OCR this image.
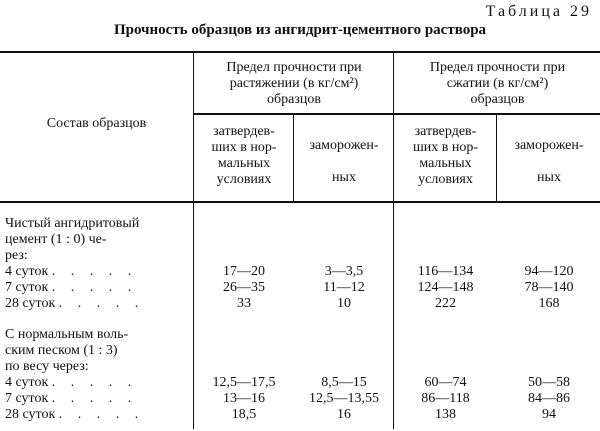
Таблица 29
Прочность образцов из ангидрит-цементного раствора
Состав образцов
Предел прочности при
растяжении (в кг/см²)
образцов
Предел прочности при
сжатии (в кг/см²)
образцов
затвердев-
ших в нор-
мальных
условиях
заморожен-

ных
затвердев-
ших в нор-
мальных
условиях
заморожен-

ных
Чистый ангидритовый
цемент (1 : 0) че-
рез:
4 суток . . . . .	17—20	3—3,5	116—134	94—120
7 суток . . . . .	26—35	11—12	124—148	78—140
28 суток . . . . .	33	10	222	168
С нормальным воль-
ским песком (1 : 3)
по весу через:
4 суток . . . . .	12,5—17,5	8,5—15	60—74	50—58
7 суток . . . . .	13—16	12,5—13,55	86—118	84—86
28 суток . . . . .	18,5	16	138	94
